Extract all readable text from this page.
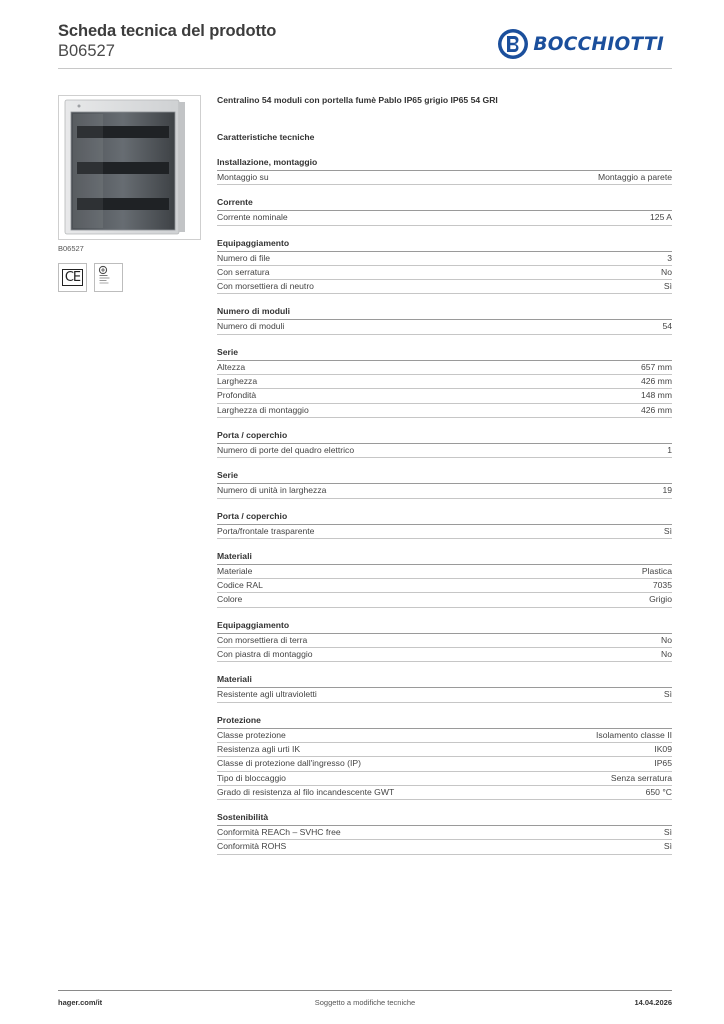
Scheda tecnica del prodotto
B06527	BOCCHIOTTI
B06527
CE
Centralino 54 moduli con portella fumè Pablo IP65 grigio IP65 54 GRI
Caratteristiche tecniche
Installazione, montaggio
Montaggio su	Montaggio a parete
Corrente
Corrente nominale	125 A
Equipaggiamento
Numero di file	3
Con serratura	No
Con morsettiera di neutro	Sì
Numero di moduli
Numero di moduli	54
Serie
Altezza	657 mm
Larghezza	426 mm
Profondità	148 mm
Larghezza di montaggio	426 mm
Porta / coperchio
Numero di porte del quadro elettrico	1
Serie
Numero di unità in larghezza	19
Porta / coperchio
Porta/frontale trasparente	Sì
Materiali
Materiale	Plastica
Codice RAL	7035
Colore	Grigio
Equipaggiamento
Con morsettiera di terra	No
Con piastra di montaggio	No
Materiali
Resistente agli ultravioletti	Sì
Protezione
Classe protezione	Isolamento classe II
Resistenza agli urti IK	IK09
Classe di protezione dall'ingresso (IP)	IP65
Tipo di bloccaggio	Senza serratura
Grado di resistenza al filo incandescente GWT	650 °C
Sostenibilità
Conformità REACh – SVHC free	Sì
Conformità ROHS	Sì
hager.com/it	Soggetto a modifiche tecniche	14.04.2026
